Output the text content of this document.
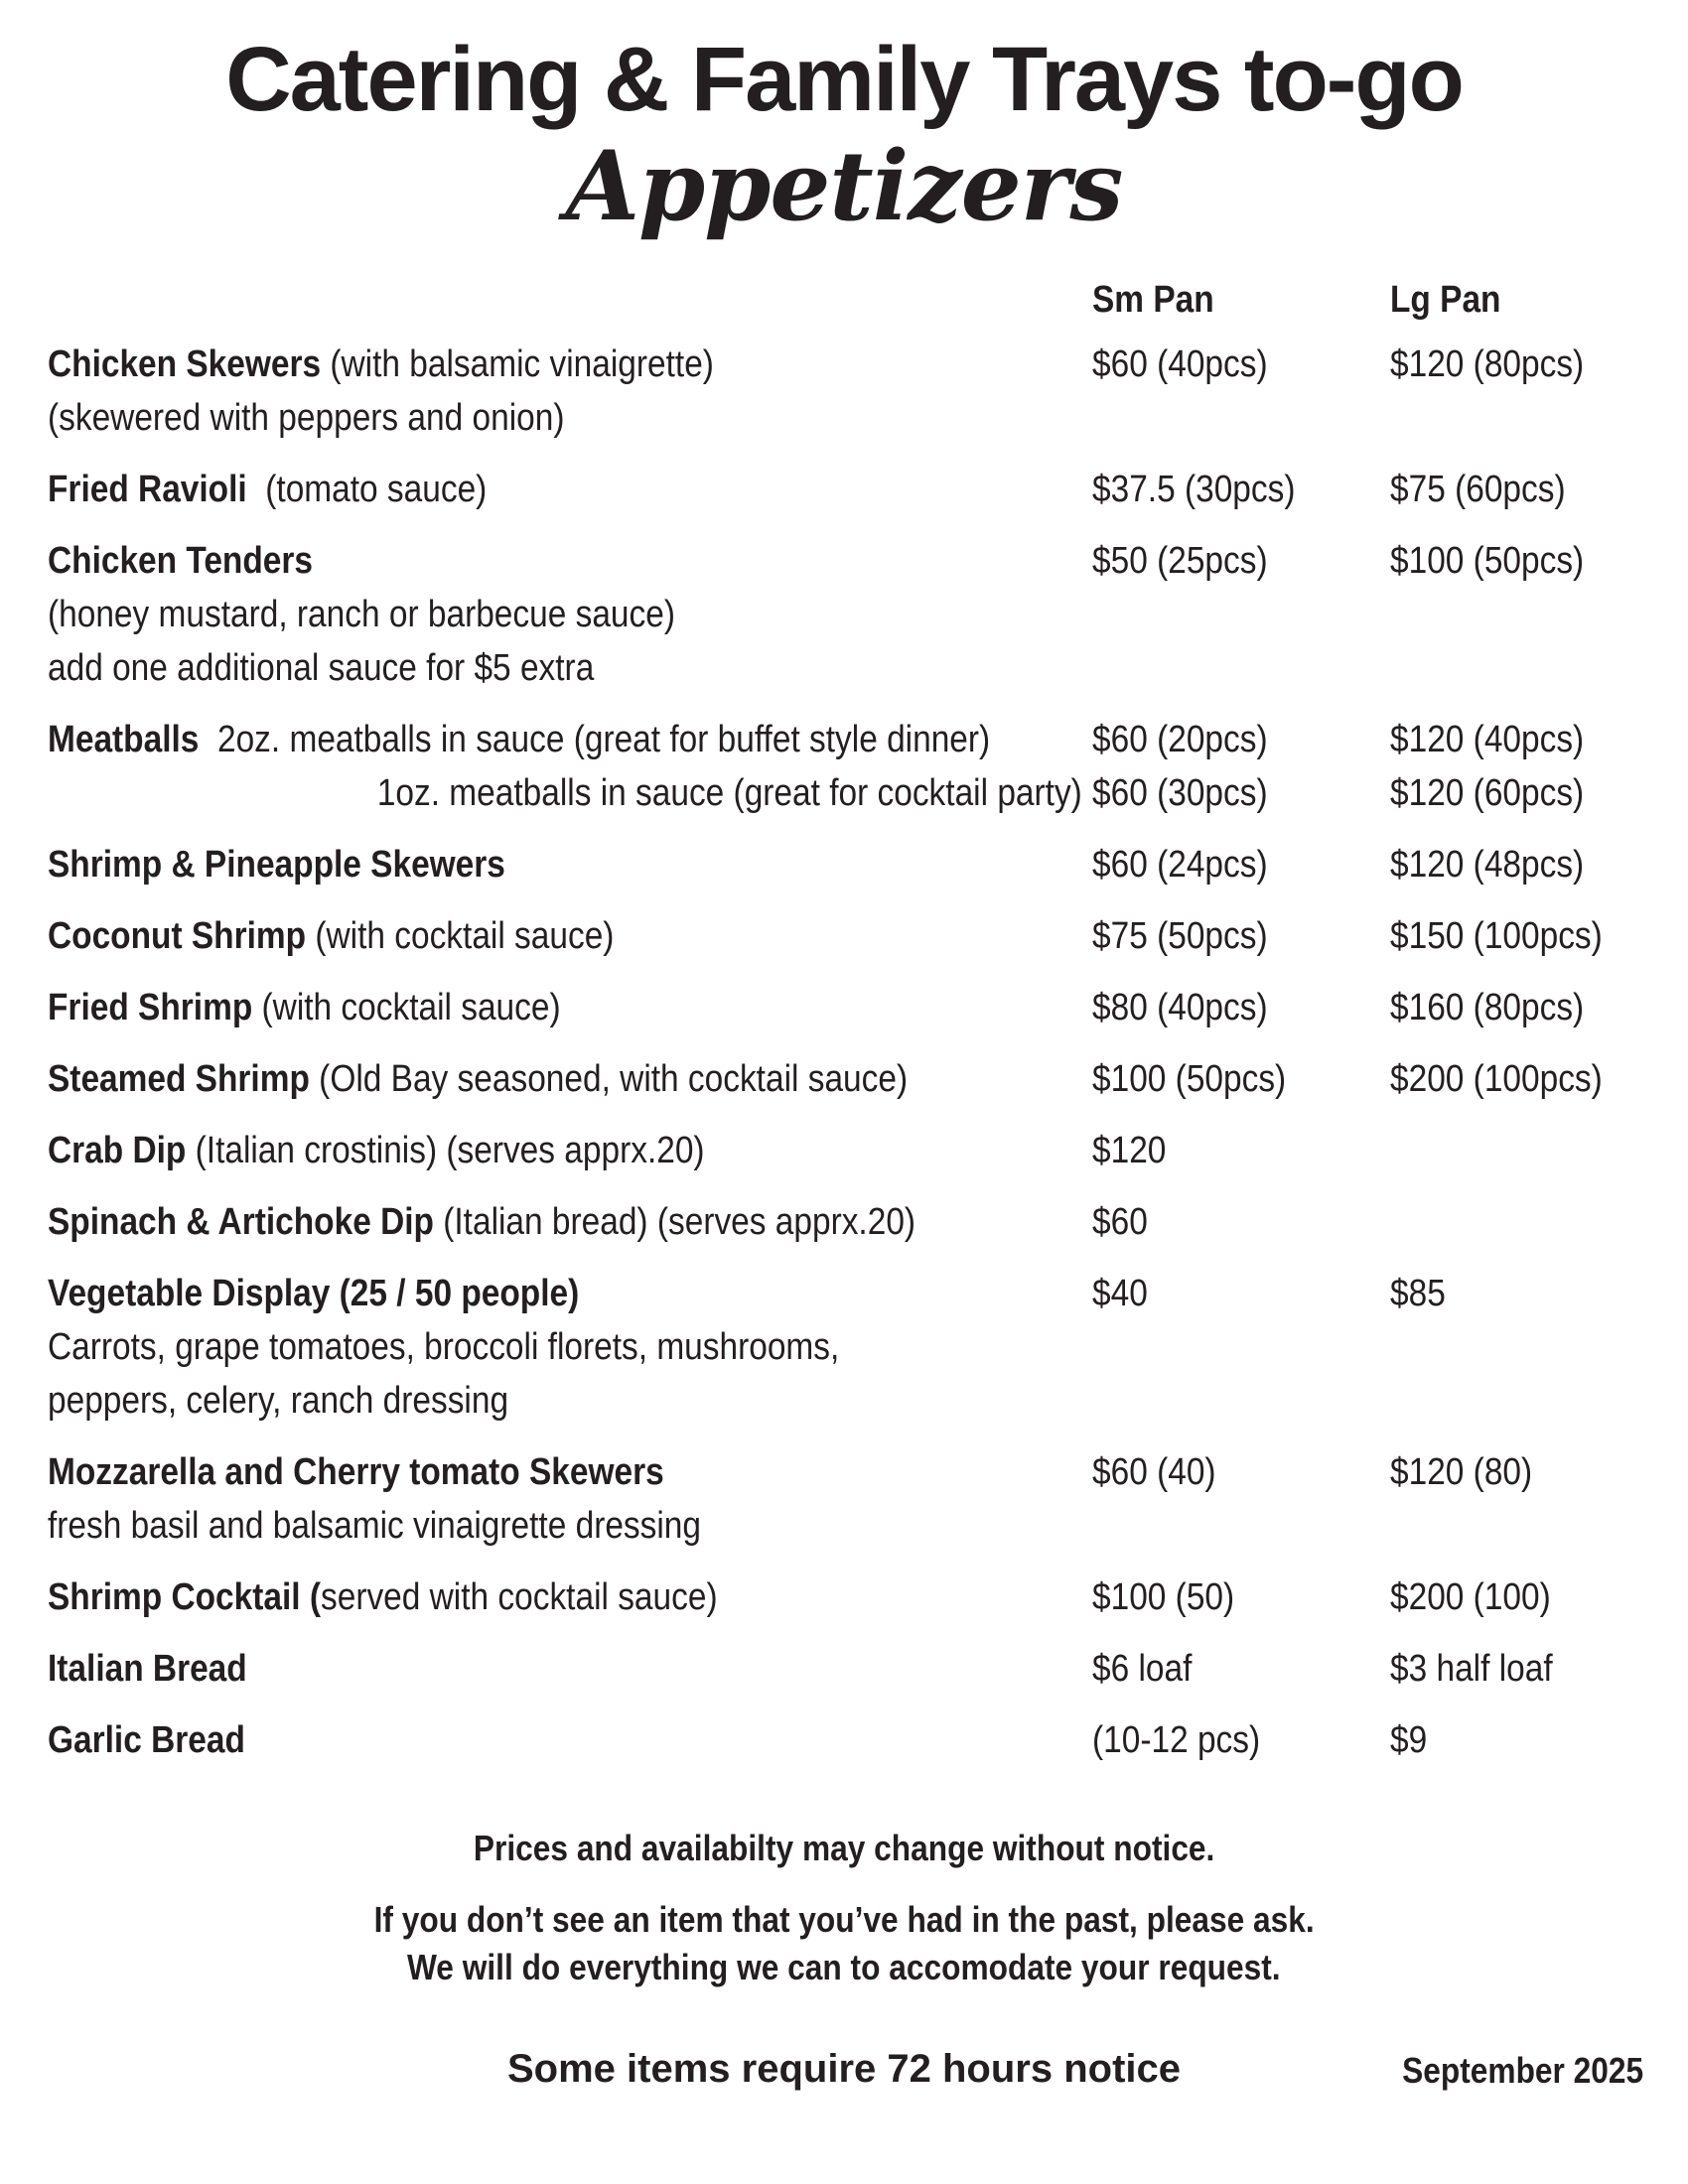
Catering & Family Trays to-go
Appetizers
Sm Pan	Lg Pan
Chicken Skewers (with balsamic vinaigrette)	$60 (40pcs)	$120 (80pcs)
(skewered with peppers and onion)
Fried Ravioli  (tomato sauce)	$37.5 (30pcs)	$75 (60pcs)
Chicken Tenders	$50 (25pcs)	$100 (50pcs)
(honey mustard, ranch or barbecue sauce)
add one additional sauce for $5 extra
Meatballs  2oz. meatballs in sauce (great for buffet style dinner)	$60 (20pcs)	$120 (40pcs)
1oz. meatballs in sauce (great for cocktail party) $60 (30pcs)	$120 (60pcs)
Shrimp & Pineapple Skewers	$60 (24pcs)	$120 (48pcs)
Coconut Shrimp (with cocktail sauce)	$75 (50pcs)	$150 (100pcs)
Fried Shrimp (with cocktail sauce)	$80 (40pcs)	$160 (80pcs)
Steamed Shrimp (Old Bay seasoned, with cocktail sauce)	$100 (50pcs)	$200 (100pcs)
Crab Dip (Italian crostinis) (serves apprx.20)	$120
Spinach & Artichoke Dip (Italian bread) (serves apprx.20)	$60
Vegetable Display (25 / 50 people)	$40	$85
Carrots, grape tomatoes, broccoli florets, mushrooms,
peppers, celery, ranch dressing
Mozzarella and Cherry tomato Skewers	$60 (40)	$120 (80)
fresh basil and balsamic vinaigrette dressing
Shrimp Cocktail (served with cocktail sauce)	$100 (50)	$200 (100)
Italian Bread	$6 loaf	$3 half loaf
Garlic Bread	(10-12 pcs)	$9
Prices and availabilty may change without notice.
If you don’t see an item that you’ve had in the past, please ask.
We will do everything we can to accomodate your request.
Some items require 72 hours notice	September 2025
